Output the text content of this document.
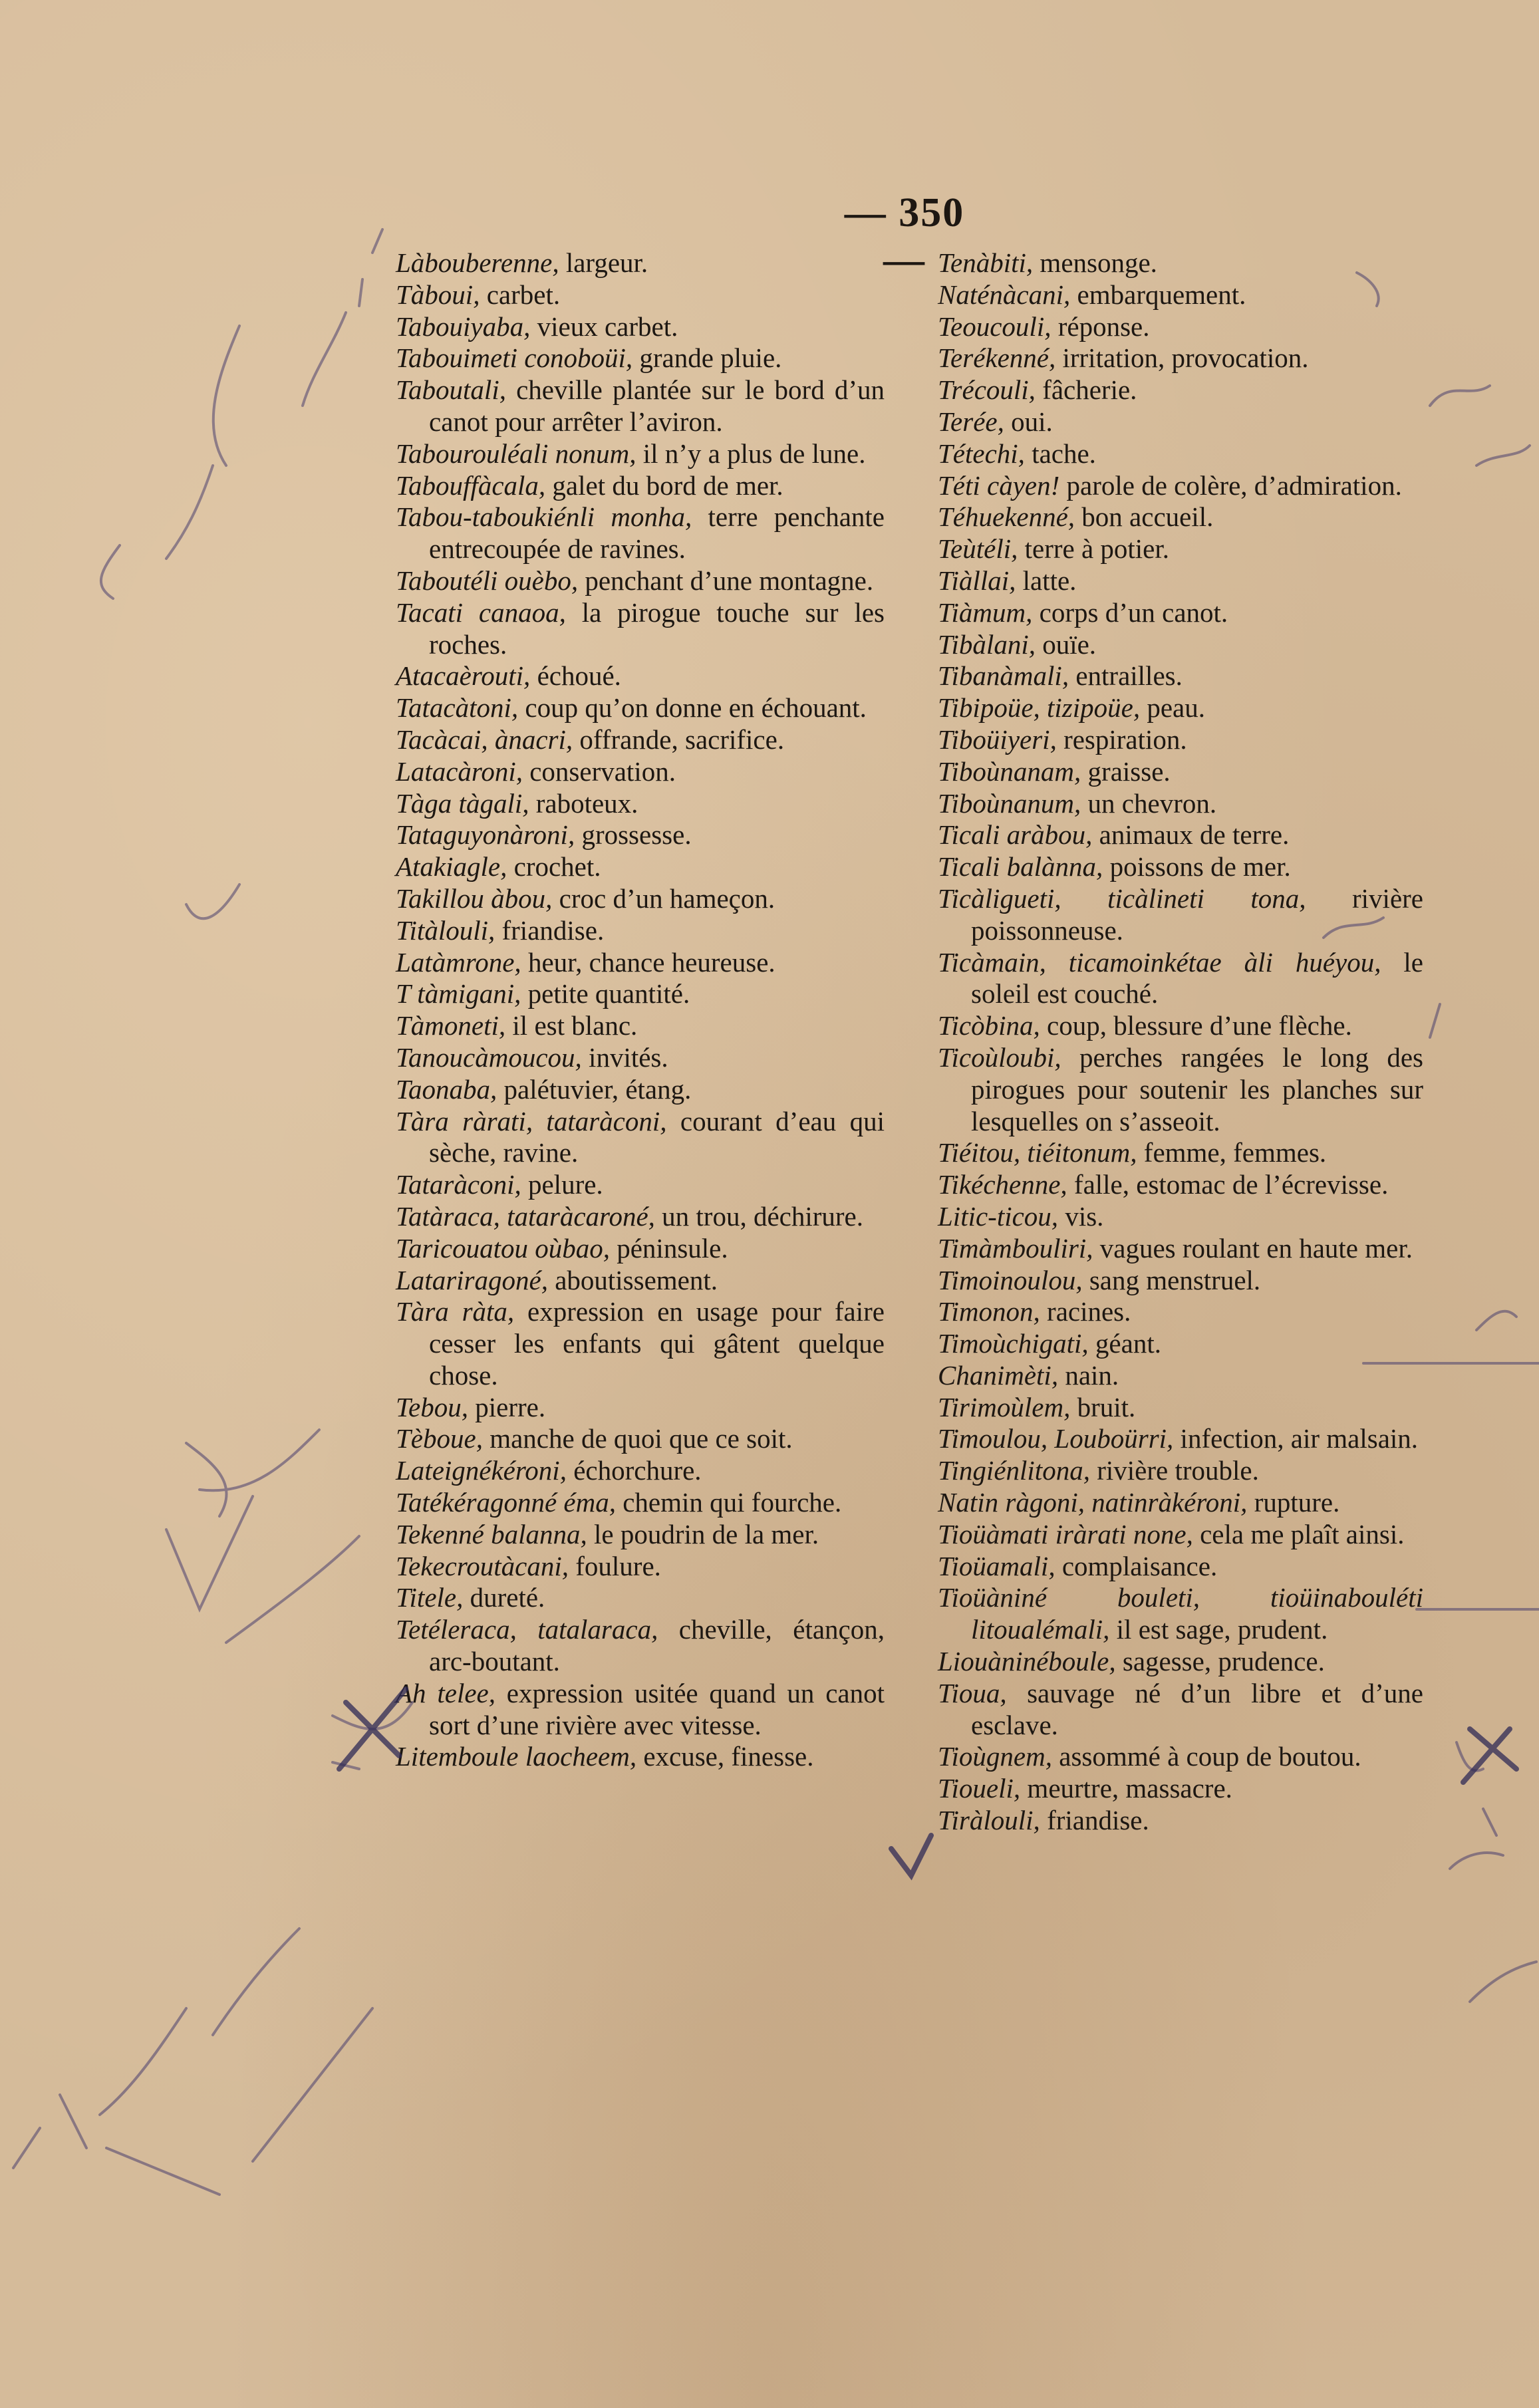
— 350 —

Làbouberenne, largeur.

Tàboui, carbet.

Tabouiyaba, vieux carbet.

Tabouimeti conoboüi, grande pluie.

Taboutali, cheville plantée sur le bord d’un canot pour arrêter l’aviron.

Tabourouléali nonum, il n’y a plus de lune.

Tabouffàcala, galet du bord de mer.

Tabou-taboukiénli monha, terre penchante entrecoupée de ravines.

Taboutéli ouèbo, penchant d’une montagne.

Tacati canaoa, la pirogue touche sur les roches.

Atacaèrouti, échoué.

Tatacàtoni, coup qu’on donne en échouant.

Tacàcai, ànacri, offrande, sacrifice.

Latacàroni, conservation.

Tàga tàgali, raboteux.

Tataguyonàroni, grossesse.

Atakiagle, crochet.

Takillou àbou, croc d’un hameçon.

Titàlouli, friandise.

Latàmrone, heur, chance heureuse.

T tàmigani, petite quantité.

Tàmoneti, il est blanc.

Tanoucàmoucou, invités.

Taonaba, palétuvier, étang.

Tàra ràrati, tataràconi, courant d’eau qui sèche, ravine.

Tataràconi, pelure.

Tatàraca, tataràcaroné, un trou, déchirure.

Taricouatou oùbao, péninsule.

Latariragoné, aboutissement.

Tàra ràta, expression en usage pour faire cesser les enfants qui gâtent quelque chose.

Tebou, pierre.

Tèboue, manche de quoi que ce soit.

Lateignékéroni, échorchure.

Tatékéragonné éma, chemin qui fourche.

Tekenné balanna, le poudrin de la mer.

Tekecroutàcani, foulure.

Titele, dureté.

Tetéleraca, tatalaraca, cheville, étançon, arc-boutant.

Ah telee, expression usitée quand un canot sort d’une rivière avec vitesse.

Litemboule laocheem, excuse, finesse.

Tenàbiti, mensonge.

Naténàcani, embarquement.

Teoucouli, réponse.

Terékenné, irritation, provocation.

Trécouli, fâcherie.

Terée, oui.

Tétechi, tache.

Téti càyen! parole de colère, d’admiration.

Téhuekenné, bon accueil.

Teùtéli, terre à potier.

Tiàllai, latte.

Tiàmum, corps d’un canot.

Tibàlani, ouïe.

Tibanàmali, entrailles.

Tibipoüe, tizipoüe, peau.

Tiboüiyeri, respiration.

Tiboùnanam, graisse.

Tiboùnanum, un chevron.

Ticali aràbou, animaux de terre.

Ticali balànna, poissons de mer.

Ticàligueti, ticàlineti tona, rivière poissonneuse.

Ticàmain, ticamoinkétae àli huéyou, le soleil est couché.

Ticòbina, coup, blessure d’une flèche.

Ticoùloubi, perches rangées le long des pirogues pour soutenir les planches sur lesquelles on s’asseoit.

Tiéitou, tiéitonum, femme, femmes.

Tikéchenne, falle, estomac de l’écrevisse.

Litic-ticou, vis.

Timàmbouliri, vagues roulant en haute mer.

Timoinoulou, sang menstruel.

Timonon, racines.

Timoùchigati, géant.

Chanimèti, nain.

Tirimoùlem, bruit.

Timoulou, Louboürri, infection, air malsain.

Tingiénlitona, rivière trouble.

Natin ràgoni, natinràkéroni, rupture.

Tioüàmati iràrati none, cela me plaît ainsi.

Tioüamali, complaisance.

Tioüàniné bouleti, tioüinabouléti litoualémali, il est sage, prudent.

Liouàninéboule, sagesse, prudence.

Tioua, sauvage né d’un libre et d’une esclave.

Tioùgnem, assommé à coup de boutou.

Tioueli, meurtre, massacre.

Tiràlouli, friandise.
